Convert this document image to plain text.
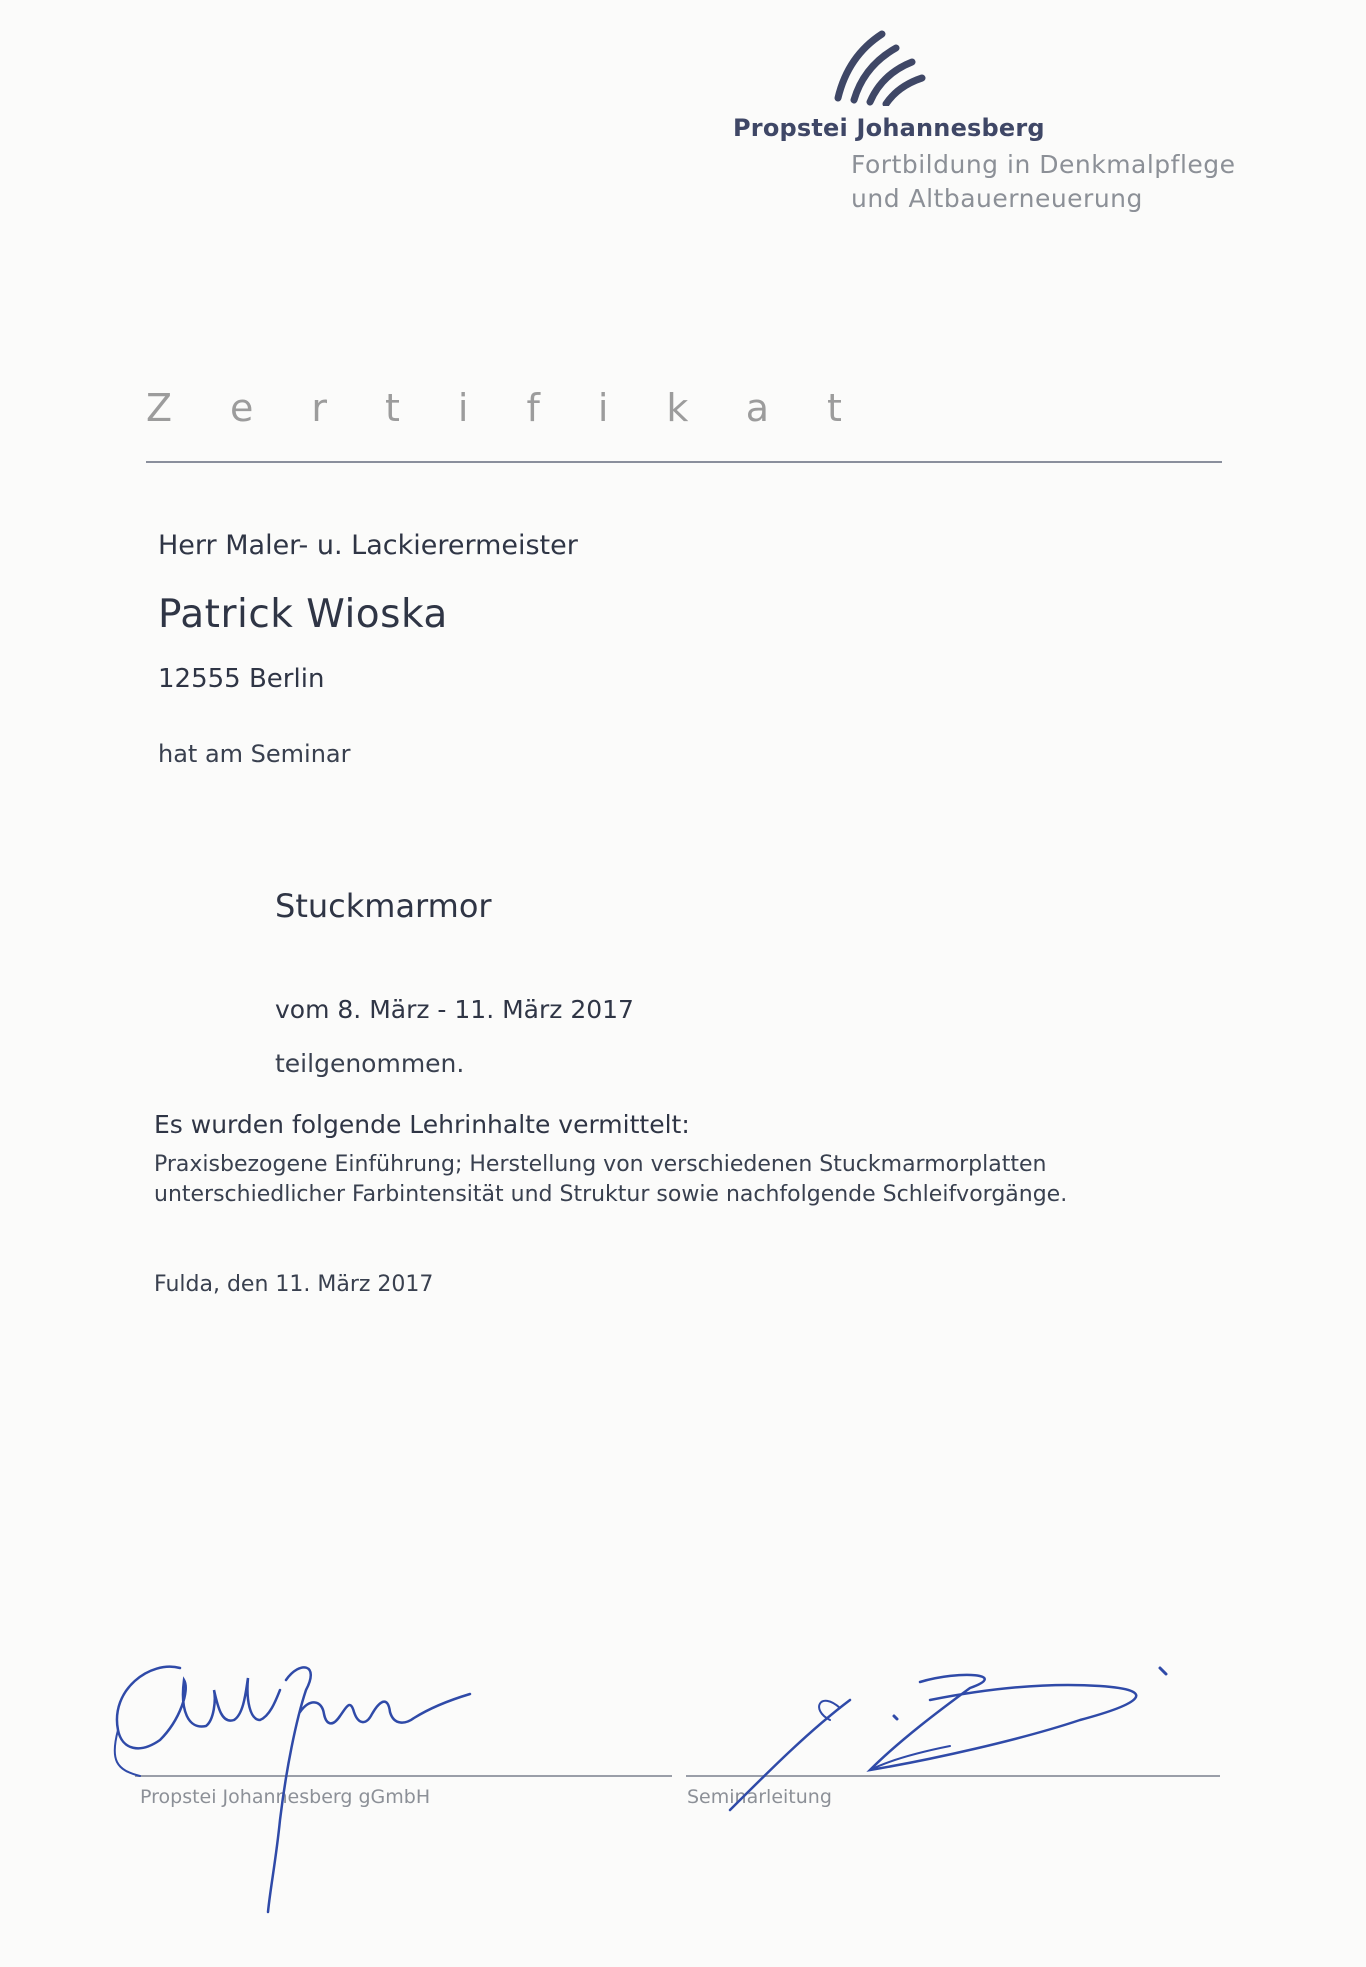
Propstei Johannesberg
Fortbildung in Denkmalpflege
und Altbauerneuerung
Zertifikat
Herr Maler- u. Lackierermeister
Patrick Wioska
12555 Berlin
hat am Seminar
Stuckmarmor
vom 8. März - 11. März 2017
teilgenommen.
Es wurden folgende Lehrinhalte vermittelt:
Praxisbezogene Einführung; Herstellung von verschiedenen Stuckmarmorplatten
unterschiedlicher Farbintensität und Struktur sowie nachfolgende Schleifvorgänge.
Fulda, den 11. März 2017
Propstei Johannesberg gGmbH	Seminarleitung
